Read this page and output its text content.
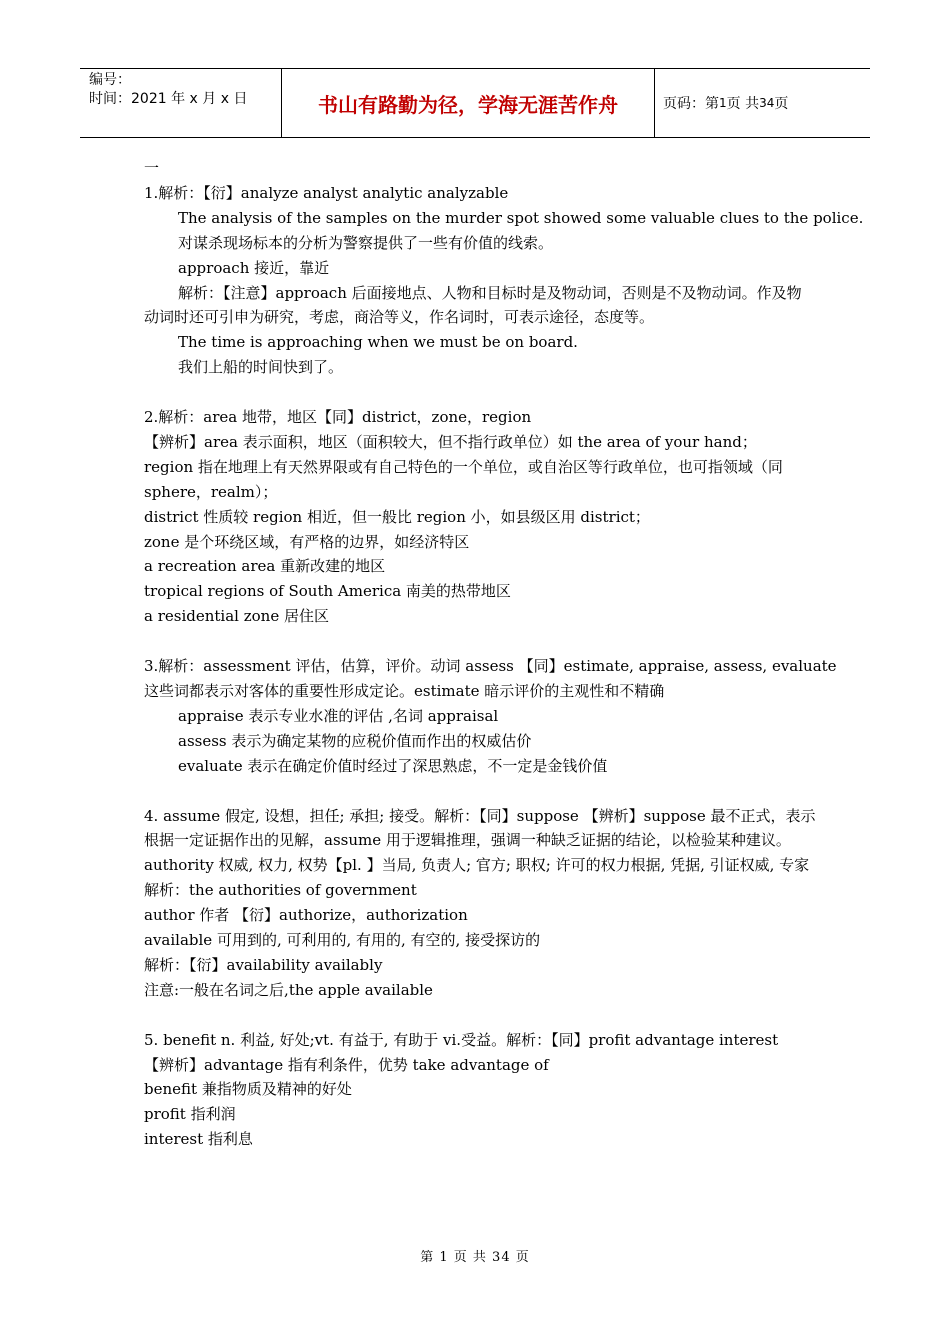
编号：
时间：2021 年 x 月 x 日	书山有路勤为径，学海无涯苦作舟	页码：第 1 页 共 34 页

一

1.解析：【衍】analyze analyst analytic analyzable

The analysis of the samples on the murder spot showed some valuable clues to the police.

对谋杀现场标本的分析为警察提供了一些有价值的线索。

approach 接近，靠近

解析：【注意】approach 后面接地点、人物和目标时是及物动词，否则是不及物动词。作及物动词时还可引申为研究，考虑，商洽等义，作名词时，可表示途径，态度等。

The time is approaching when we must be on board.

我们上船的时间快到了。

2.解析：area 地带，地区【同】district，zone，region

【辨析】area 表示面积，地区（面积较大，但不指行政单位）如 the area of your hand；

region 指在地理上有天然界限或有自己特色的一个单位，或自治区等行政单位，也可指领域（同 sphere，realm）；

district 性质较 region 相近，但一般比 region 小，如县级区用 district；

zone 是个环绕区域，有严格的边界，如经济特区

a recreation area 重新改建的地区

tropical regions of South America 南美的热带地区

a residential zone 居住区

3.解析：assessment 评估，估算，评价。动词 assess 【同】estimate, appraise, assess, evaluate

这些词都表示对客体的重要性形成定论。estimate 暗示评价的主观性和不精确

appraise 表示专业水准的评估 ,名词 appraisal

assess 表示为确定某物的应税价值而作出的权威估价

evaluate 表示在确定价值时经过了深思熟虑，不一定是金钱价值

4. assume 假定, 设想，担任; 承担; 接受。解析：【同】suppose 【辨析】suppose 最不正式，表示根据一定证据作出的见解，assume 用于逻辑推理，强调一种缺乏证据的结论，以检验某种建议。

authority 权威, 权力, 权势【pl. 】当局, 负责人; 官方; 职权; 许可的权力根据, 凭据, 引证权威, 专家

解析：the authorities of government

author 作者 【衍】authorize，authorization

available 可用到的, 可利用的, 有用的, 有空的, 接受探访的

解析：【衍】availability availably

注意:一般在名词之后,the apple available

5. benefit n. 利益, 好处;vt. 有益于, 有助于 vi.受益。解析：【同】profit advantage interest

【辨析】advantage 指有利条件，优势 take advantage of

benefit 兼指物质及精神的好处

profit 指利润

interest 指利息

第 1 页 共 34 页
